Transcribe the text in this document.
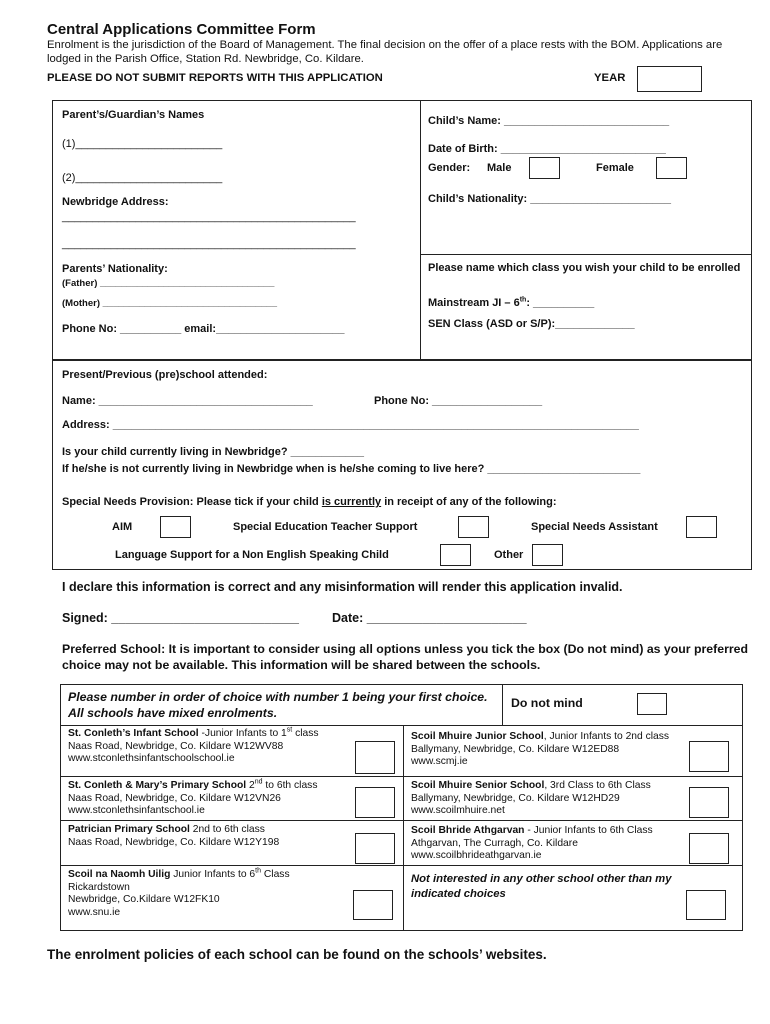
Central Applications Committee Form
Enrolment is the jurisdiction of the Board of Management. The final decision on the offer of a place rests with the BOM. Applications are lodged in the Parish Office, Station Rd. Newbridge, Co. Kildare.
PLEASE DO NOT SUBMIT REPORTS WITH THIS APPLICATION	YEAR
Parent’s/Guardian’s Names
(1)________________________
(2)________________________
Newbridge Address:
________________________________________________
________________________________________________
Parents’ Nationality:
(Father) _________________________________
(Mother) _________________________________
Phone No: __________ email:_____________________
Child’s Name: ___________________________
Date of Birth: ___________________________
Gender: Male	Female
Child’s Nationality: _______________________
Please name which class you wish your child to be enrolled
Mainstream JI – 6th: __________
SEN Class (ASD or S/P):_____________
Present/Previous (pre)school attended:
Name: ___________________________________	Phone No: __________________
Address: ______________________________________________________________________________________
Is your child currently living in Newbridge? ____________
If he/she is not currently living in Newbridge when is he/she coming to live here? _________________________
Special Needs Provision: Please tick if your child is currently in receipt of any of the following:
AIM	Special Education Teacher Support	Special Needs Assistant
Language Support for a Non English Speaking Child	Other
I declare this information is correct and any misinformation will render this application invalid.
Signed: ___________________________	Date: _______________________
Preferred School: It is important to consider using all options unless you tick the box (Do not mind) as your preferred choice may not be available. This information will be shared between the schools.
Please number in order of choice with number 1 being your first choice. All schools have mixed enrolments.
Do not mind
St. Conleth’s Infant School -Junior Infants to 1st class
Naas Road, Newbridge, Co. Kildare W12WV88
www.stconlethsinfantschoolschool.ie
Scoil Mhuire Junior School, Junior Infants to 2nd class
Ballymany, Newbridge, Co. Kildare W12ED88
www.scmj.ie
St. Conleth & Mary’s Primary School 2nd to 6th class
Naas Road, Newbridge, Co. Kildare W12VN26
www.stconlethsinfantschool.ie
Scoil Mhuire Senior School, 3rd Class to 6th Class
Ballymany, Newbridge, Co. Kildare W12HD29
www.scoilmhuire.net
Patrician Primary School 2nd to 6th class
Naas Road, Newbridge, Co. Kildare W12Y198
Scoil Bhride Athgarvan - Junior Infants to 6th Class
Athgarvan, The Curragh, Co. Kildare
www.scoilbhrideathgarvan.ie
Scoil na Naomh Uilig Junior Infants to 6th Class
Rickardstown
Newbridge, Co.Kildare W12FK10
www.snu.ie
Not interested in any other school other than my indicated choices
The enrolment policies of each school can be found on the schools’ websites.
